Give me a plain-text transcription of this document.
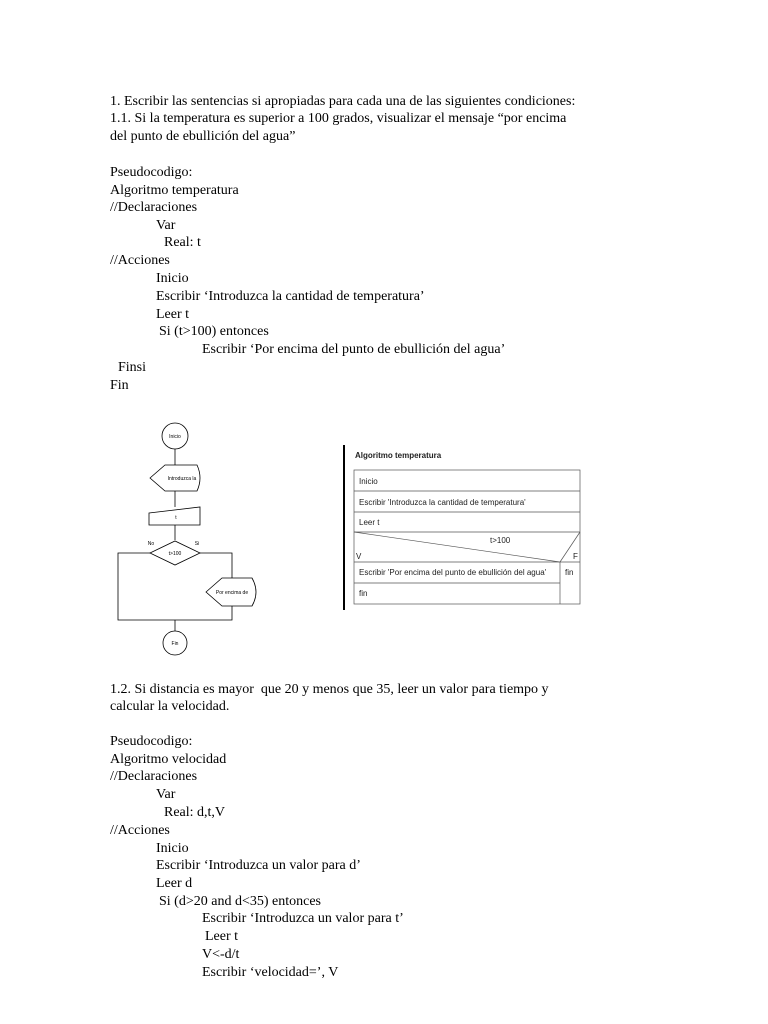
1. Escribir las sentencias si apropiadas para cada una de las siguientes condiciones:
1.1. Si la temperatura es superior a 100 grados, visualizar el mensaje “por encima
del punto de ebullición del agua”
Pseudocodigo:
Algoritmo temperatura
//Declaraciones
Var
Real: t
//Acciones
Inicio
Escribir ‘Introduzca la cantidad de temperatura’
Leer t
Si (t>100) entonces
Escribir ‘Por encima del punto de ebullición del agua’
Finsi
Fin
Inicio
Introduzca la
t
t>100
No	Si
Por encima de
Fin
Algoritmo temperatura
Inicio
Escribir 'Introduzca la cantidad de temperatura'
Leer t
t>100
V	F
Escribir 'Por encima del punto de ebullición del agua' fin
fin
1.2. Si distancia es mayor  que 20 y menos que 35, leer un valor para tiempo y
calcular la velocidad.
Pseudocodigo:
Algoritmo velocidad
//Declaraciones
Var
Real: d,t,V
//Acciones
Inicio
Escribir ‘Introduzca un valor para d’
Leer d
Si (d>20 and d<35) entonces
Escribir ‘Introduzca un valor para t’
Leer t
V<-d/t
Escribir ‘velocidad=’, V
